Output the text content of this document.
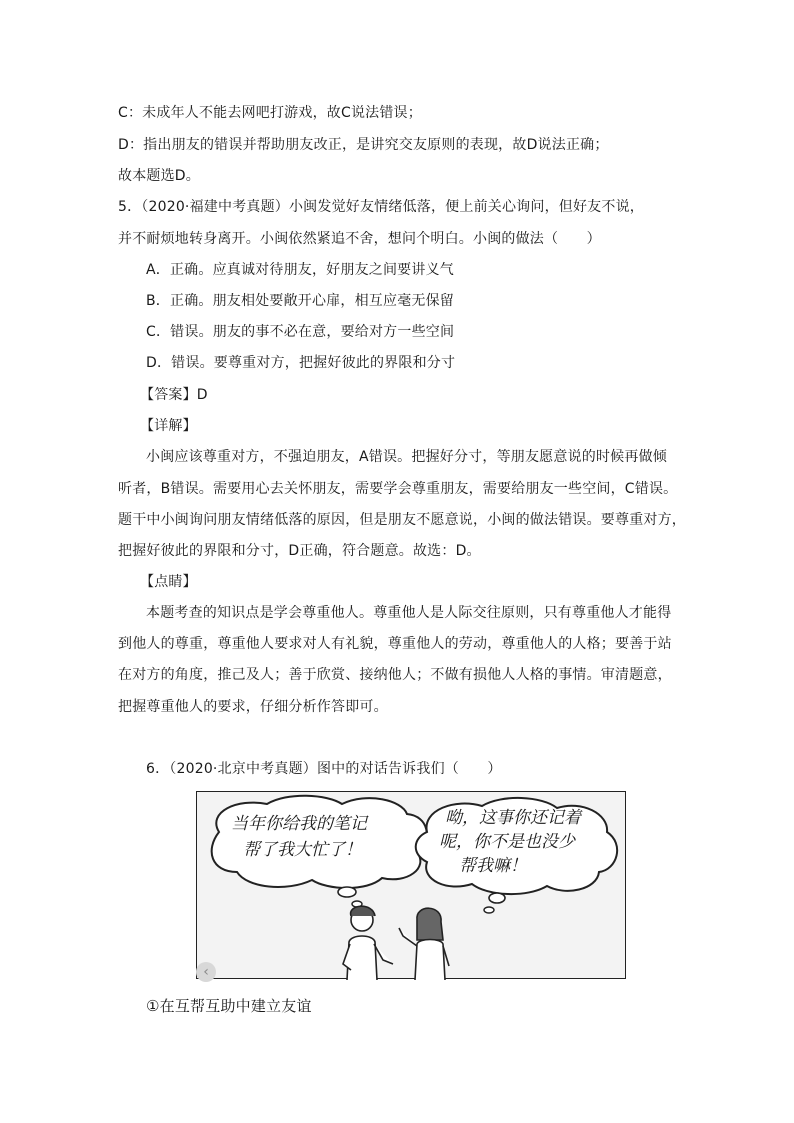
C：未成年人不能去网吧打游戏，故C说法错误；
D：指出朋友的错误并帮助朋友改正，是讲究交友原则的表现，故D说法正确；
故本题选D。
5．（2020·福建中考真题）小闽发觉好友情绪低落，便上前关心询问，但好友不说，
并不耐烦地转身离开。小闽依然紧追不舍，想问个明白。小闽的做法（　　）
A．正确。应真诚对待朋友，好朋友之间要讲义气
B．正确。朋友相处要敞开心扉，相互应毫无保留
C．错误。朋友的事不必在意，要给对方一些空间
D．错误。要尊重对方，把握好彼此的界限和分寸
【答案】D
【详解】
小闽应该尊重对方，不强迫朋友，A错误。把握好分寸，等朋友愿意说的时候再做倾
听者，B错误。需要用心去关怀朋友，需要学会尊重朋友，需要给朋友一些空间，C错误。
题干中小闽询问朋友情绪低落的原因，但是朋友不愿意说，小闽的做法错误。要尊重对方，
把握好彼此的界限和分寸，D正确，符合题意。故选：D。
【点睛】
本题考查的知识点是学会尊重他人。尊重他人是人际交往原则，只有尊重他人才能得
到他人的尊重，尊重他人要求对人有礼貌，尊重他人的劳动，尊重他人的人格；要善于站
在对方的角度，推己及人；善于欣赏、接纳他人；不做有损他人人格的事情。审清题意，
把握尊重他人的要求，仔细分析作答即可。
6．（2020·北京中考真题）图中的对话告诉我们（　　）
当年你给我的笔记
帮了我大忙了！
呦，这事你还记着
呢，你不是也没少
帮我嘛！
‹
①在互帮互助中建立友谊
